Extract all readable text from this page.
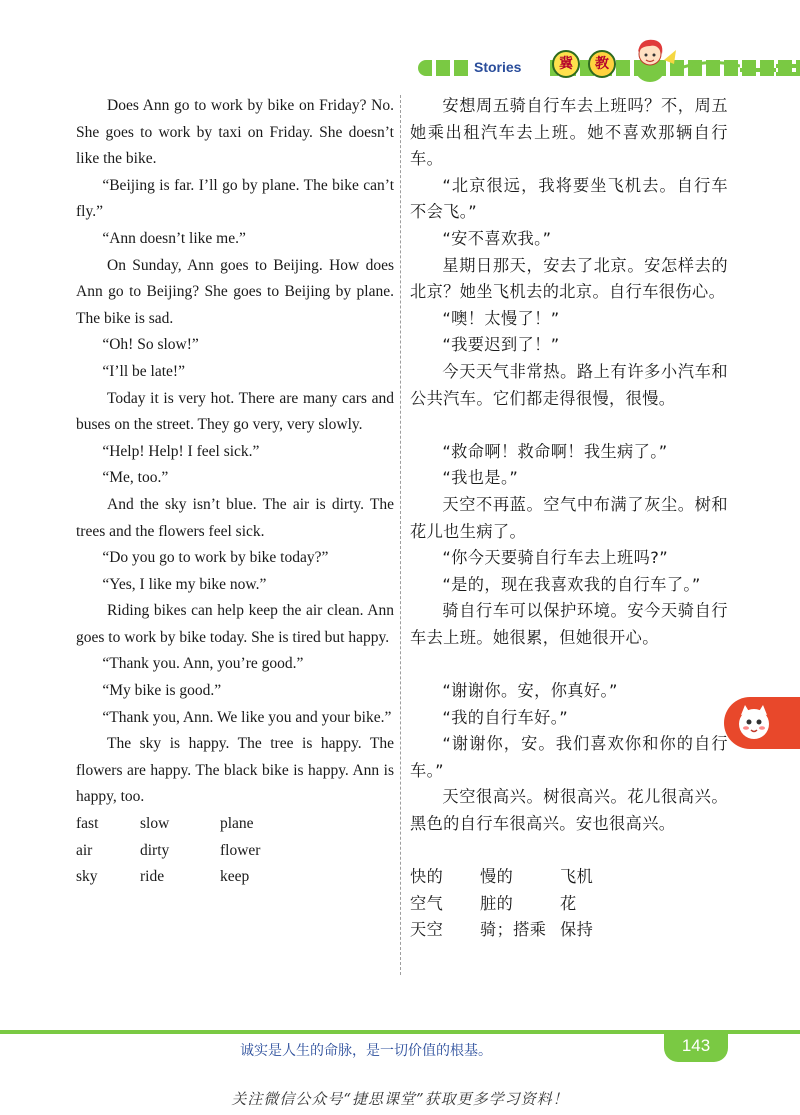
Stories	冀	教

Does Ann go to work by bike on Friday? No. She goes to work by taxi on Friday. She doesn’t like the bike.

“Beijing is far. I’ll go by plane. The bike can’t fly.”

“Ann doesn’t like me.”

On Sunday, Ann goes to Beijing. How does Ann go to Beijing? She goes to Beijing by plane. The bike is sad.

“Oh! So slow!”

“I’ll be late!”

Today it is very hot. There are many cars and buses on the street. They go very, very slowly.

“Help! Help! I feel sick.”

“Me, too.”

And the sky isn’t blue. The air is dirty. The trees and the flowers feel sick.

“Do you go to work by bike today?”

“Yes, I like my bike now.”

Riding bikes can help keep the air clean. Ann goes to work by bike today. She is tired but happy.

“Thank you. Ann, you’re good.”

“My bike is good.”

“Thank you, Ann. We like you and your bike.”

The sky is happy. The tree is happy. The flowers are happy. The black bike is happy. Ann is happy, too.

fast	slow	plane
air	dirty	flower
sky	ride	keep

安想周五骑自行车去上班吗？不，周五她乘出租汽车去上班。她不喜欢那辆自行车。

“北京很远，我将要坐飞机去。自行车不会飞。”

“安不喜欢我。”

星期日那天，安去了北京。安怎样去的北京？她坐飞机去的北京。自行车很伤心。

“噢！太慢了！”

“我要迟到了！”

今天天气非常热。路上有许多小汽车和公共汽车。它们都走得很慢，很慢。

“救命啊！救命啊！我生病了。”

“我也是。”

天空不再蓝。空气中布满了灰尘。树和花儿也生病了。

“你今天要骑自行车去上班吗?”

“是的，现在我喜欢我的自行车了。”

骑自行车可以保护环境。安今天骑自行车去上班。她很累，但她很开心。

“谢谢你。安，你真好。”

“我的自行车好。”

“谢谢你，安。我们喜欢你和你的自行车。”

天空很高兴。树很高兴。花儿很高兴。黑色的自行车很高兴。安也很高兴。

快的	慢的	飞机
空气	脏的	花
天空	骑；搭乘 保持
诚实是人生的命脉，是一切价值的根基。	143
关注微信公众号“捷思课堂”获取更多学习资料！
